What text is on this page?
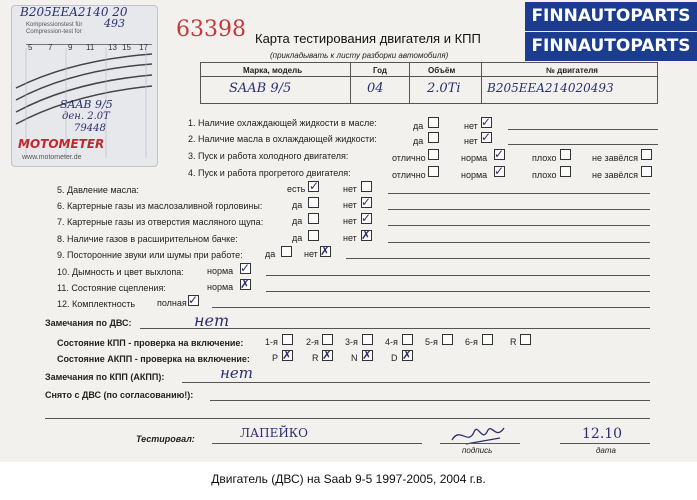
B205EEA2140 20
493
Kompressionstest für
Compression-test for
5 7 9 11 13 15 17
SAAB 9/5
ден. 2.0T
79448
MOTOMETER
www.motometer.de
FINNAUTOPARTS
FINNAUTOPARTS
63398 Карта тестирования двигателя и КПП
(прикладывать к листу разборки автомобиля)
Марка, модель	Год	Объём	№ двигателя
SAAB 9/5	04	2.0Ti B205EEA214020493
1. Наличие охлаждающей жидкости в масле:	да	нет ✓
2. Наличие масла в охлаждающей жидкости:	да	нет ✓
3. Пуск и работа холодного двигателя:	отлично	норма ✓	плохо	не завёлся
4. Пуск и работа прогретого двигателя:	отлично	норма ✓	плохо	не завёлся
5. Давление масла:	есть ✓	нет
6. Картерные газы из маслозаливной горловины:	да	нет ✓
7. Картерные газы из отверстия масляного щупа:	да	нет ✓
8. Наличие газов в расширительном бачке:	да	нет ✗
9. Посторонние звуки или шумы при работе: да	нет ✗
10. Дымность и цвет выхлопа:	норма ✓
11. Состояние сцепления:	норма ✗
12. Комплектность полная ✓
Замечания по ДВС:	нет
Состояние КПП - проверка на включение: 1-я	2-я	3-я	4-я	5-я	6-я	R
Состояние АКПП - проверка на включение: P ✗ R ✗ N ✗ D ✗
Замечания по КПП (АКПП):	нет
Снято с ДВС (по согласованию!):
Тестировал:	ЛАПЕЙКО
подпись
12.10
дата
Двигатель (ДВС) на Saab 9-5 1997-2005, 2004 г.в.
